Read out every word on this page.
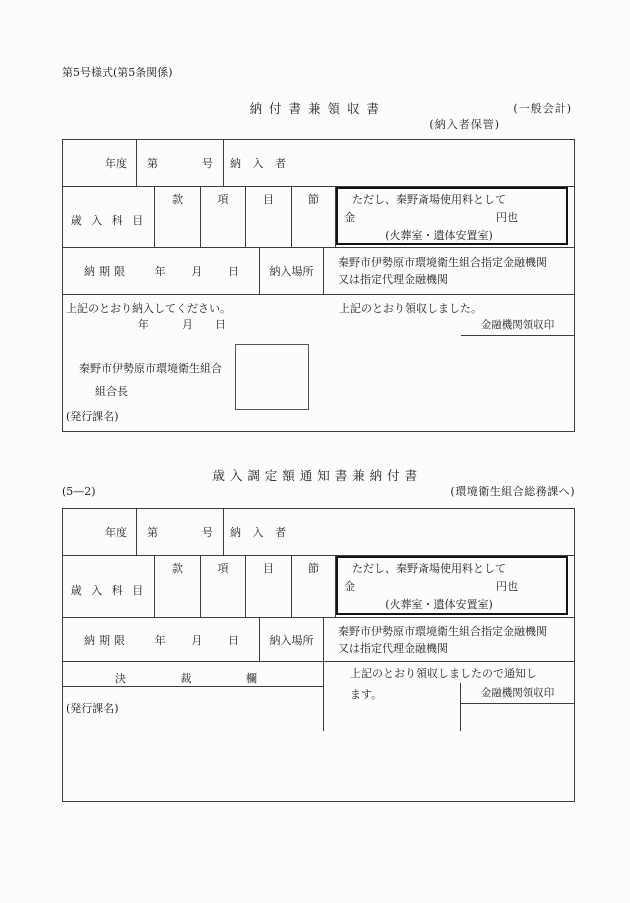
第5号様式(第5条関係)
納 付 書 兼 領 収 書	(一般会計)
(納入者保管)
年度 第	号 納 入 者
歳 入 科 目
款	項	目	節	ただし、秦野斎場使用料として
金	円也
(火葬室・遺体安置室)
納期限 年 月 日	納入場所
秦野市伊勢原市環境衛生組合指定金融機関
又は指定代理金融機関
上記のとおり納入してください。
年　　　月　　日
秦野市伊勢原市環境衛生組合
組合長
(発行課名)
上記のとおり領収しました。
金融機関領収印
歳 入 調 定 額 通 知 書 兼 納 付 書
(5—2)	(環境衛生組合総務課へ)
年度 第	号 納 入 者
歳 入 科 目
款	項	目	節	ただし、秦野斎場使用料として
金	円也
(火葬室・遺体安置室)
納期限 年 月 日	納入場所
秦野市伊勢原市環境衛生組合指定金融機関
又は指定代理金融機関
決	裁	欄
(発行課名)
上記のとおり領収しましたので通知し
ます。	金融機関領収印
